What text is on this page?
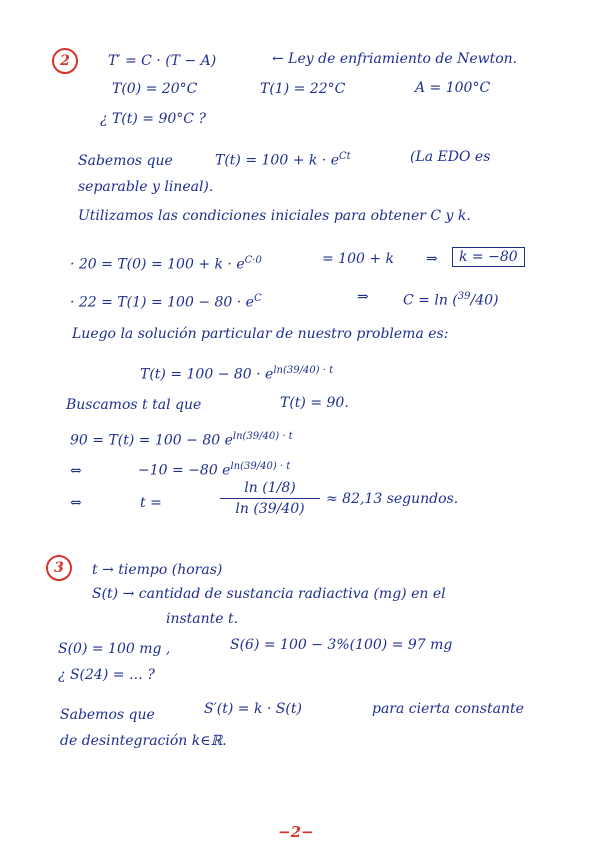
2	T′ = C · (T − A)	← Ley de enfriamiento de Newton.
T(0) = 20°C	T(1) = 22°C	A = 100°C
¿ T(t) = 90°C ?
Sabemos que	$T(t) = 100 + k \cdot e^{Ct}$	(La EDO es
separable y lineal).
Utilizamos las condiciones iniciales para obtener C y k.
· $20 = T(0) = 100 + k \cdot e^{C\cdot 0}$	= 100 + k ⇒	k = −80
· $22 = T(1) = 100 - 80 \cdot e^C$	⇒ C = ln ($^{39}$/40)
Luego la solución particular de nuestro problema es:
$T(t) = 100 - 80 \cdot e^{ln(39/40) \cdot t}$
Buscamos t tal que	T(t) = 90.
90 = T(t) = 100 − 80 $e^{ln(39/40) \cdot t}$
⇔	−10 = −80 $e^{ln(39/40) \cdot t}$
⇔	t =
ln (1/8)
ln (39/40)
≈ 82,13 segundos.
3	t → tiempo (horas)
S(t) → cantidad de sustancia radiactiva (mg) en el
instante t.
S(0) = 100 mg ,	S(6) = 100 − 3%(100) = 97 mg
¿ S(24) = … ?
Sabemos que	S′(t) = k · S(t)	para cierta constante
de desintegración k∈ℝ.
−2−
